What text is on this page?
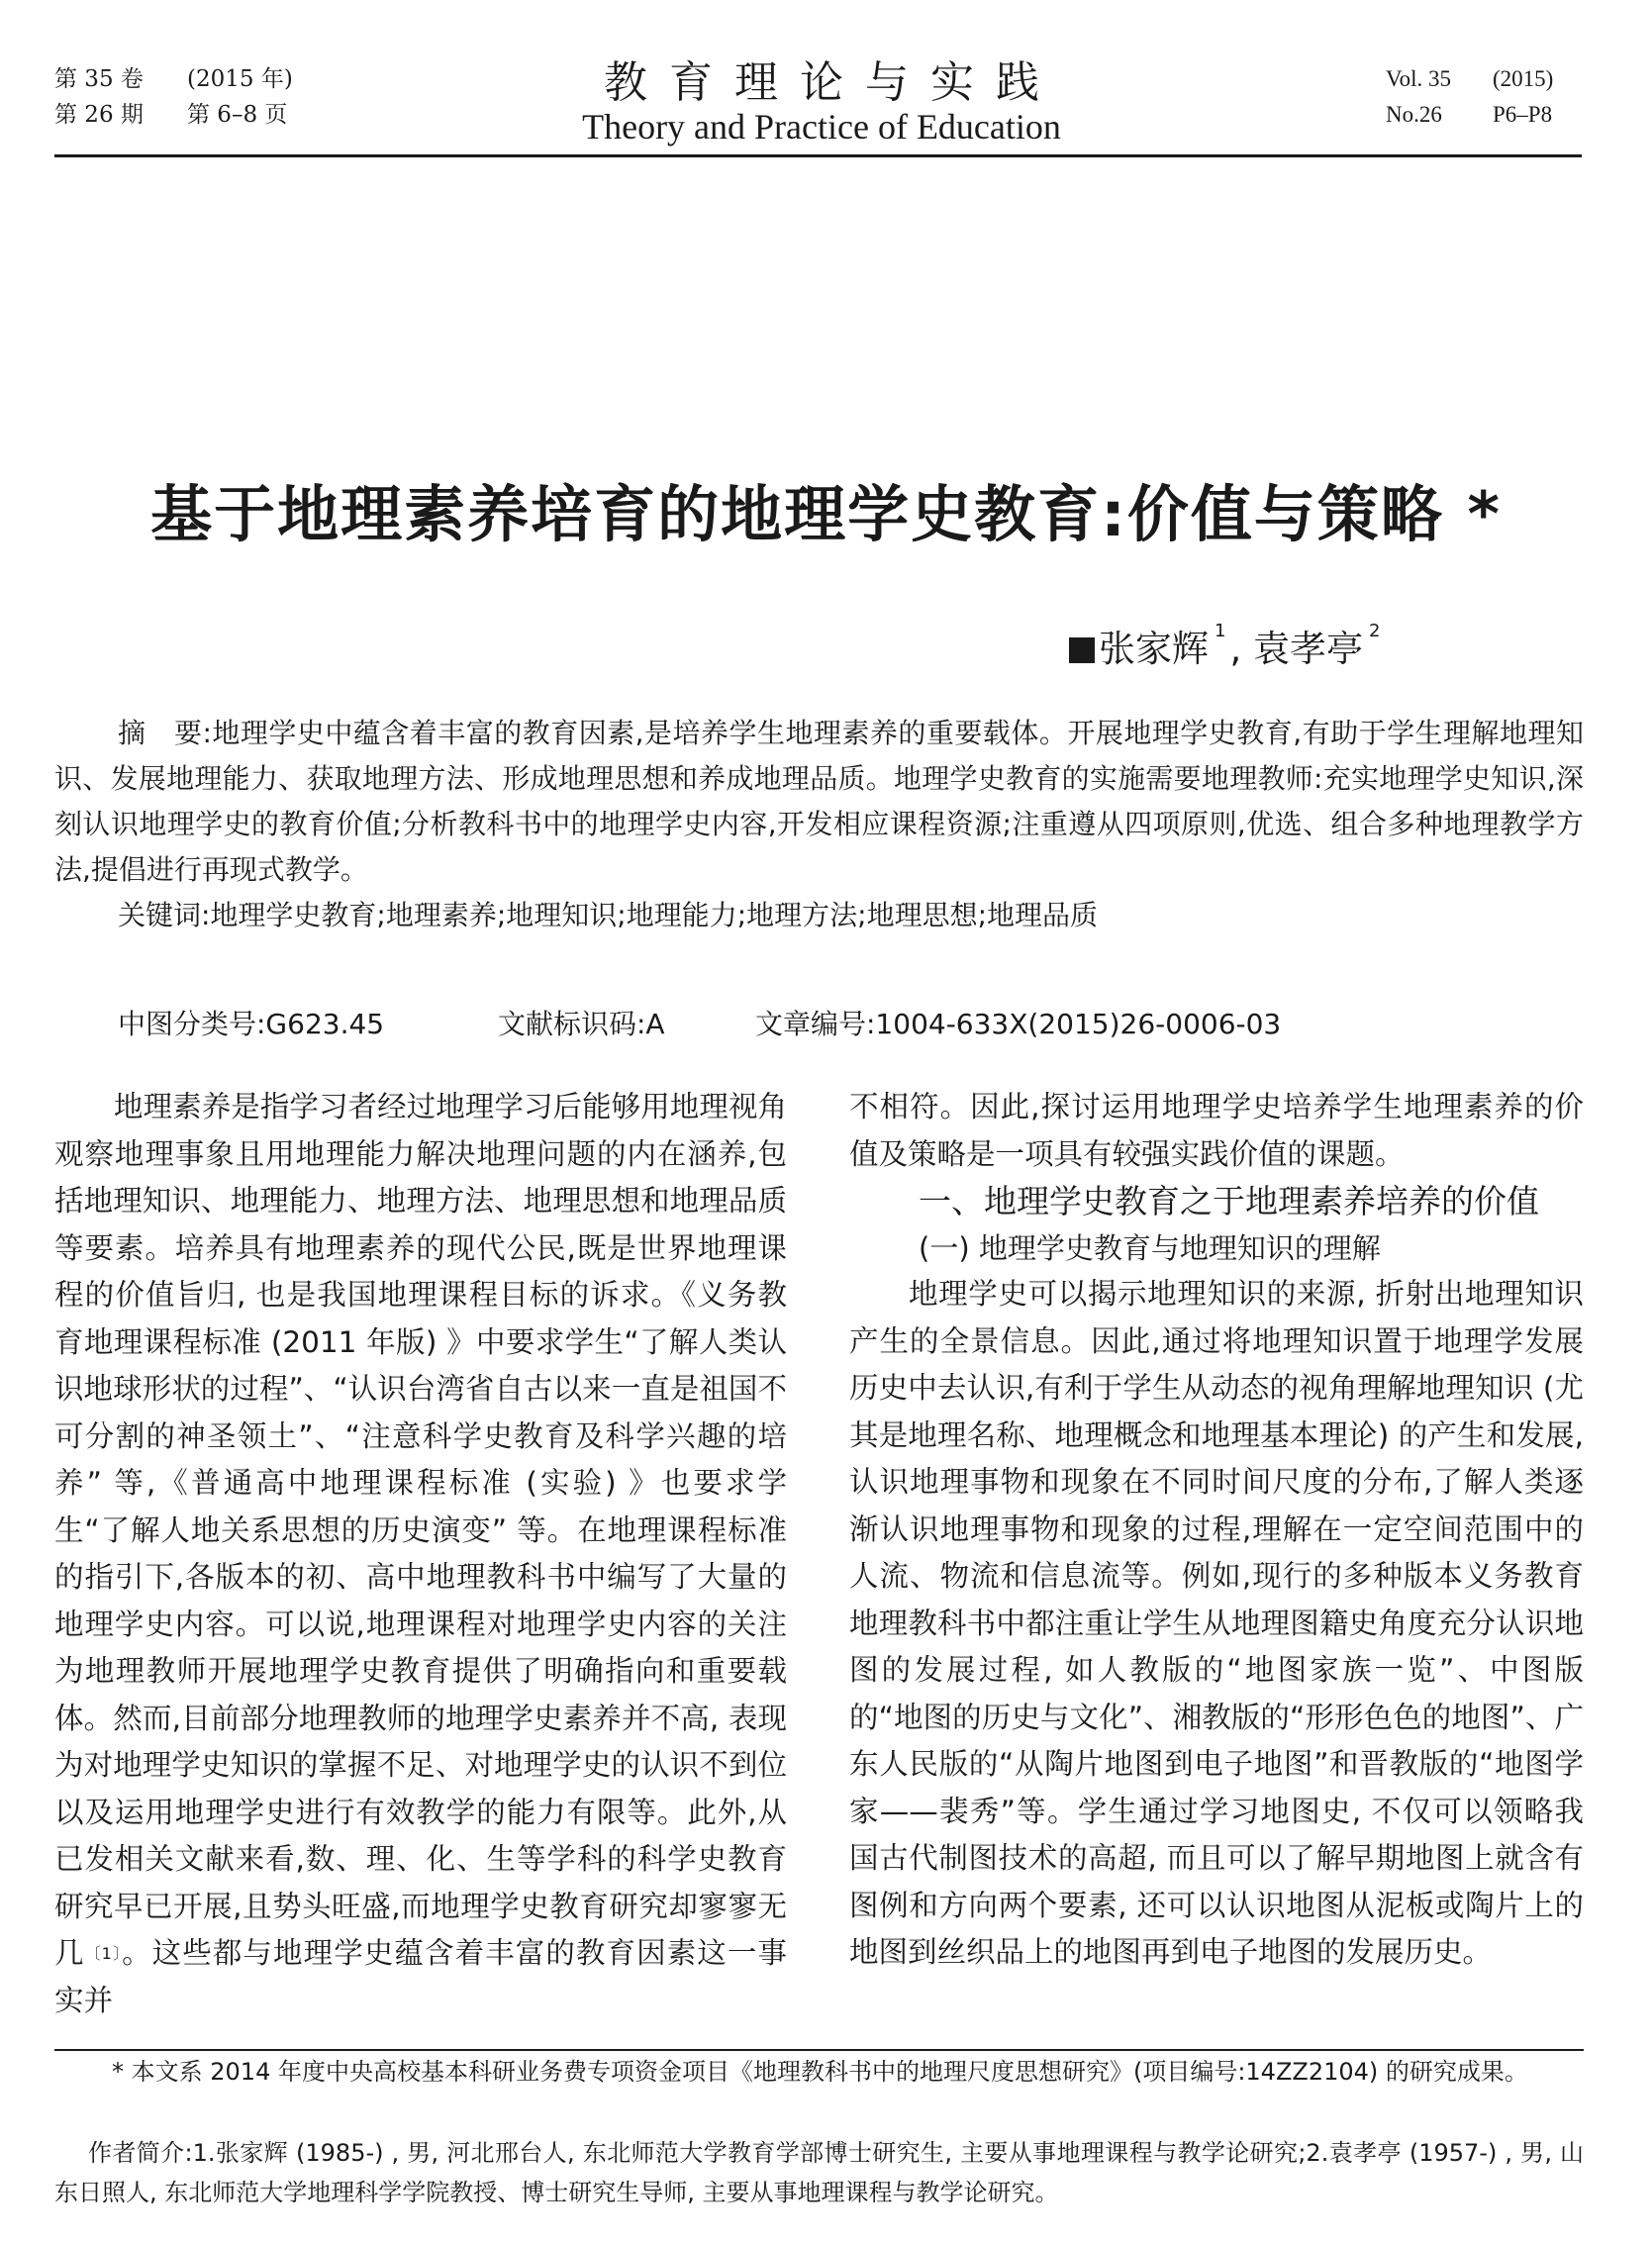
第 35 卷 (2015 年)
第 26 期 第 6–8 页
教育理论与实践
Theory and Practice of Education
Vol. 35 (2015)
No.26 P6–P8
基于地理素养培育的地理学史教育:价值与策略 *
张家辉 $^1$ , 袁孝亭 $^2$

摘　要:地理学史中蕴含着丰富的教育因素,是培养学生地理素养的重要载体。开展地理学史教育,有助于学生理解地理知识、发展地理能力、获取地理方法、形成地理思想和养成地理品质。地理学史教育的实施需要地理教师:充实地理学史知识,深刻认识地理学史的教育价值;分析教科书中的地理学史内容,开发相应课程资源;注重遵从四项原则,优选、组合多种地理教学方法,提倡进行再现式教学。

关键词:地理学史教育;地理素养;地理知识;地理能力;地理方法;地理思想;地理品质

中图分类号:G623.45	文献标识码:A	文章编号:1004-633X(2015)26-0006-03

地理素养是指学习者经过地理学习后能够用地理视角观察地理事象且用地理能力解决地理问题的内在涵养,包括地理知识、地理能力、地理方法、地理思想和地理品质等要素。培养具有地理素养的现代公民,既是世界地理课程的价值旨归, 也是我国地理课程目标的诉求。《义务教育地理课程标准 (2011 年版) 》中要求学生“了解人类认识地球形状的过程”、“认识台湾省自古以来一直是祖国不可分割的神圣领土”、“注意科学史教育及科学兴趣的培养” 等,《普通高中地理课程标准 (实验) 》也要求学生“了解人地关系思想的历史演变” 等。在地理课程标准的指引下,各版本的初、高中地理教科书中编写了大量的地理学史内容。可以说,地理课程对地理学史内容的关注为地理教师开展地理学史教育提供了明确指向和重要载体。然而,目前部分地理教师的地理学史素养并不高, 表现为对地理学史知识的掌握不足、对地理学史的认识不到位以及运用地理学史进行有效教学的能力有限等。此外,从已发相关文献来看,数、理、化、生等学科的科学史教育研究早已开展,且势头旺盛,而地理学史教育研究却寥寥无几$^{〔1〕}$。这些都与地理学史蕴含着丰富的教育因素这一事实并

不相符。因此,探讨运用地理学史培养学生地理素养的价值及策略是一项具有较强实践价值的课题。

一、地理学史教育之于地理素养培养的价值

(一) 地理学史教育与地理知识的理解

地理学史可以揭示地理知识的来源, 折射出地理知识产生的全景信息。因此,通过将地理知识置于地理学发展历史中去认识,有利于学生从动态的视角理解地理知识 (尤其是地理名称、地理概念和地理基本理论) 的产生和发展, 认识地理事物和现象在不同时间尺度的分布,了解人类逐渐认识地理事物和现象的过程,理解在一定空间范围中的人流、物流和信息流等。例如,现行的多种版本义务教育地理教科书中都注重让学生从地理图籍史角度充分认识地图的发展过程, 如人教版的“地图家族一览”、中图版的“地图的历史与文化”、湘教版的“形形色色的地图”、广东人民版的“从陶片地图到电子地图”和晋教版的“地图学家——裴秀”等。学生通过学习地图史, 不仅可以领略我国古代制图技术的高超, 而且可以了解早期地图上就含有图例和方向两个要素, 还可以认识地图从泥板或陶片上的地图到丝织品上的地图再到电子地图的发展历史。

* 本文系 2014 年度中央高校基本科研业务费专项资金项目《地理教科书中的地理尺度思想研究》(项目编号:14ZZ2104) 的研究成果。

作者简介:1.张家辉 (1985-) , 男, 河北邢台人, 东北师范大学教育学部博士研究生, 主要从事地理课程与教学论研究;2.袁孝亭 (1957-) , 男, 山东日照人, 东北师范大学地理科学学院教授、博士研究生导师, 主要从事地理课程与教学论研究。
